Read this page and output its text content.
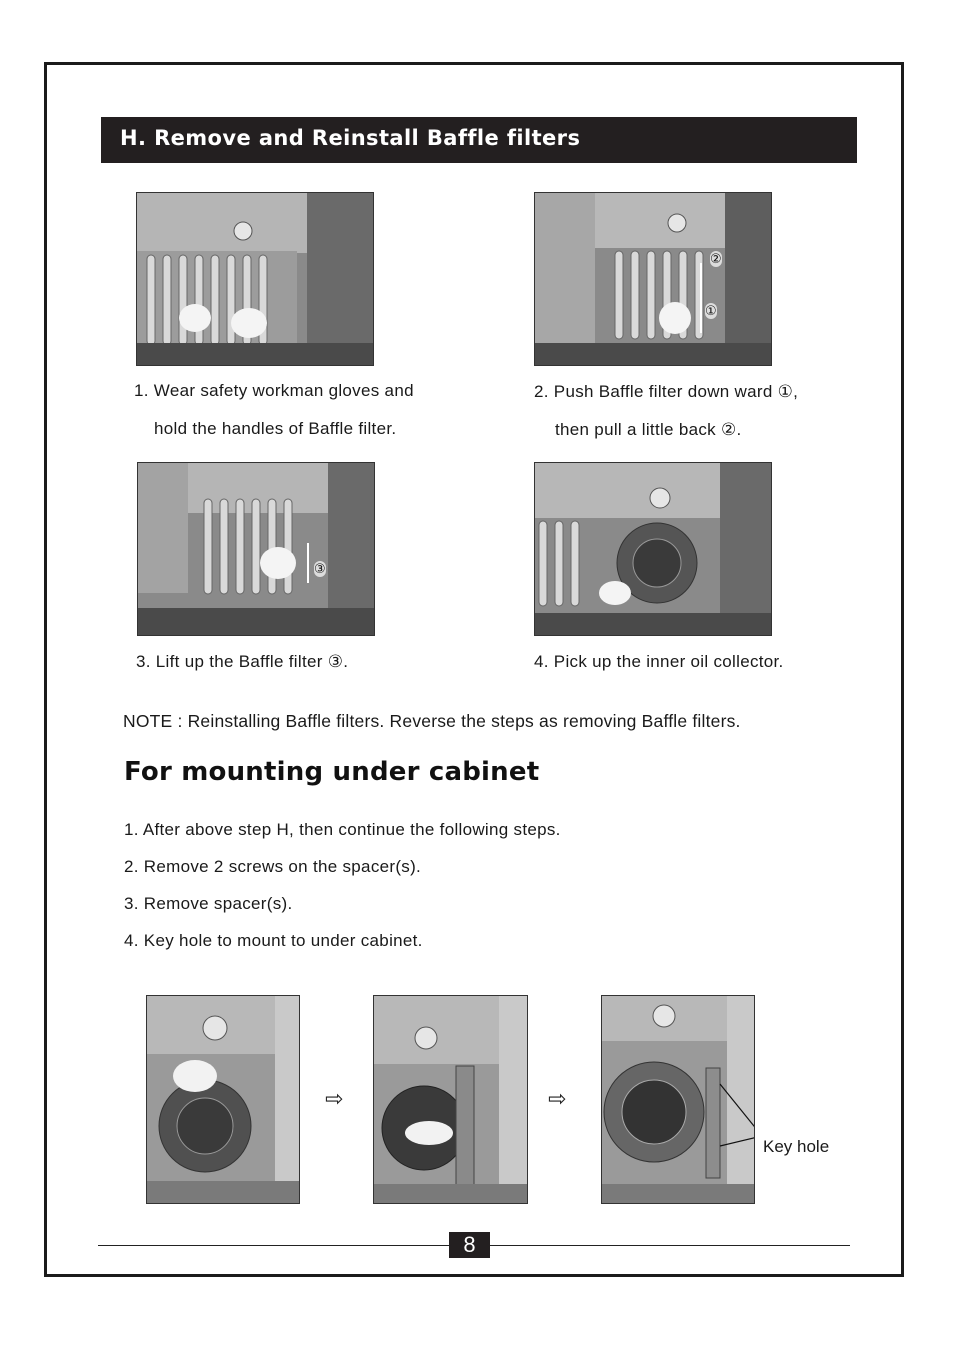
H. Remove and Reinstall Baffle filters
1. Wear safety workman gloves and
hold the handles of Baffle filter.
②
①
2. Push Baffle filter down ward ①,
then pull a little back ②.
③
3. Lift up the Baffle filter ③.	4. Pick up the inner oil collector.
NOTE : Reinstalling Baffle filters. Reverse the steps as removing Baffle filters.
For mounting under cabinet
1. After above step H, then continue the following steps.
2. Remove 2 screws on the spacer(s).
3. Remove spacer(s).
4. Key hole to mount to under cabinet.
⇨	⇨
Key hole
8
